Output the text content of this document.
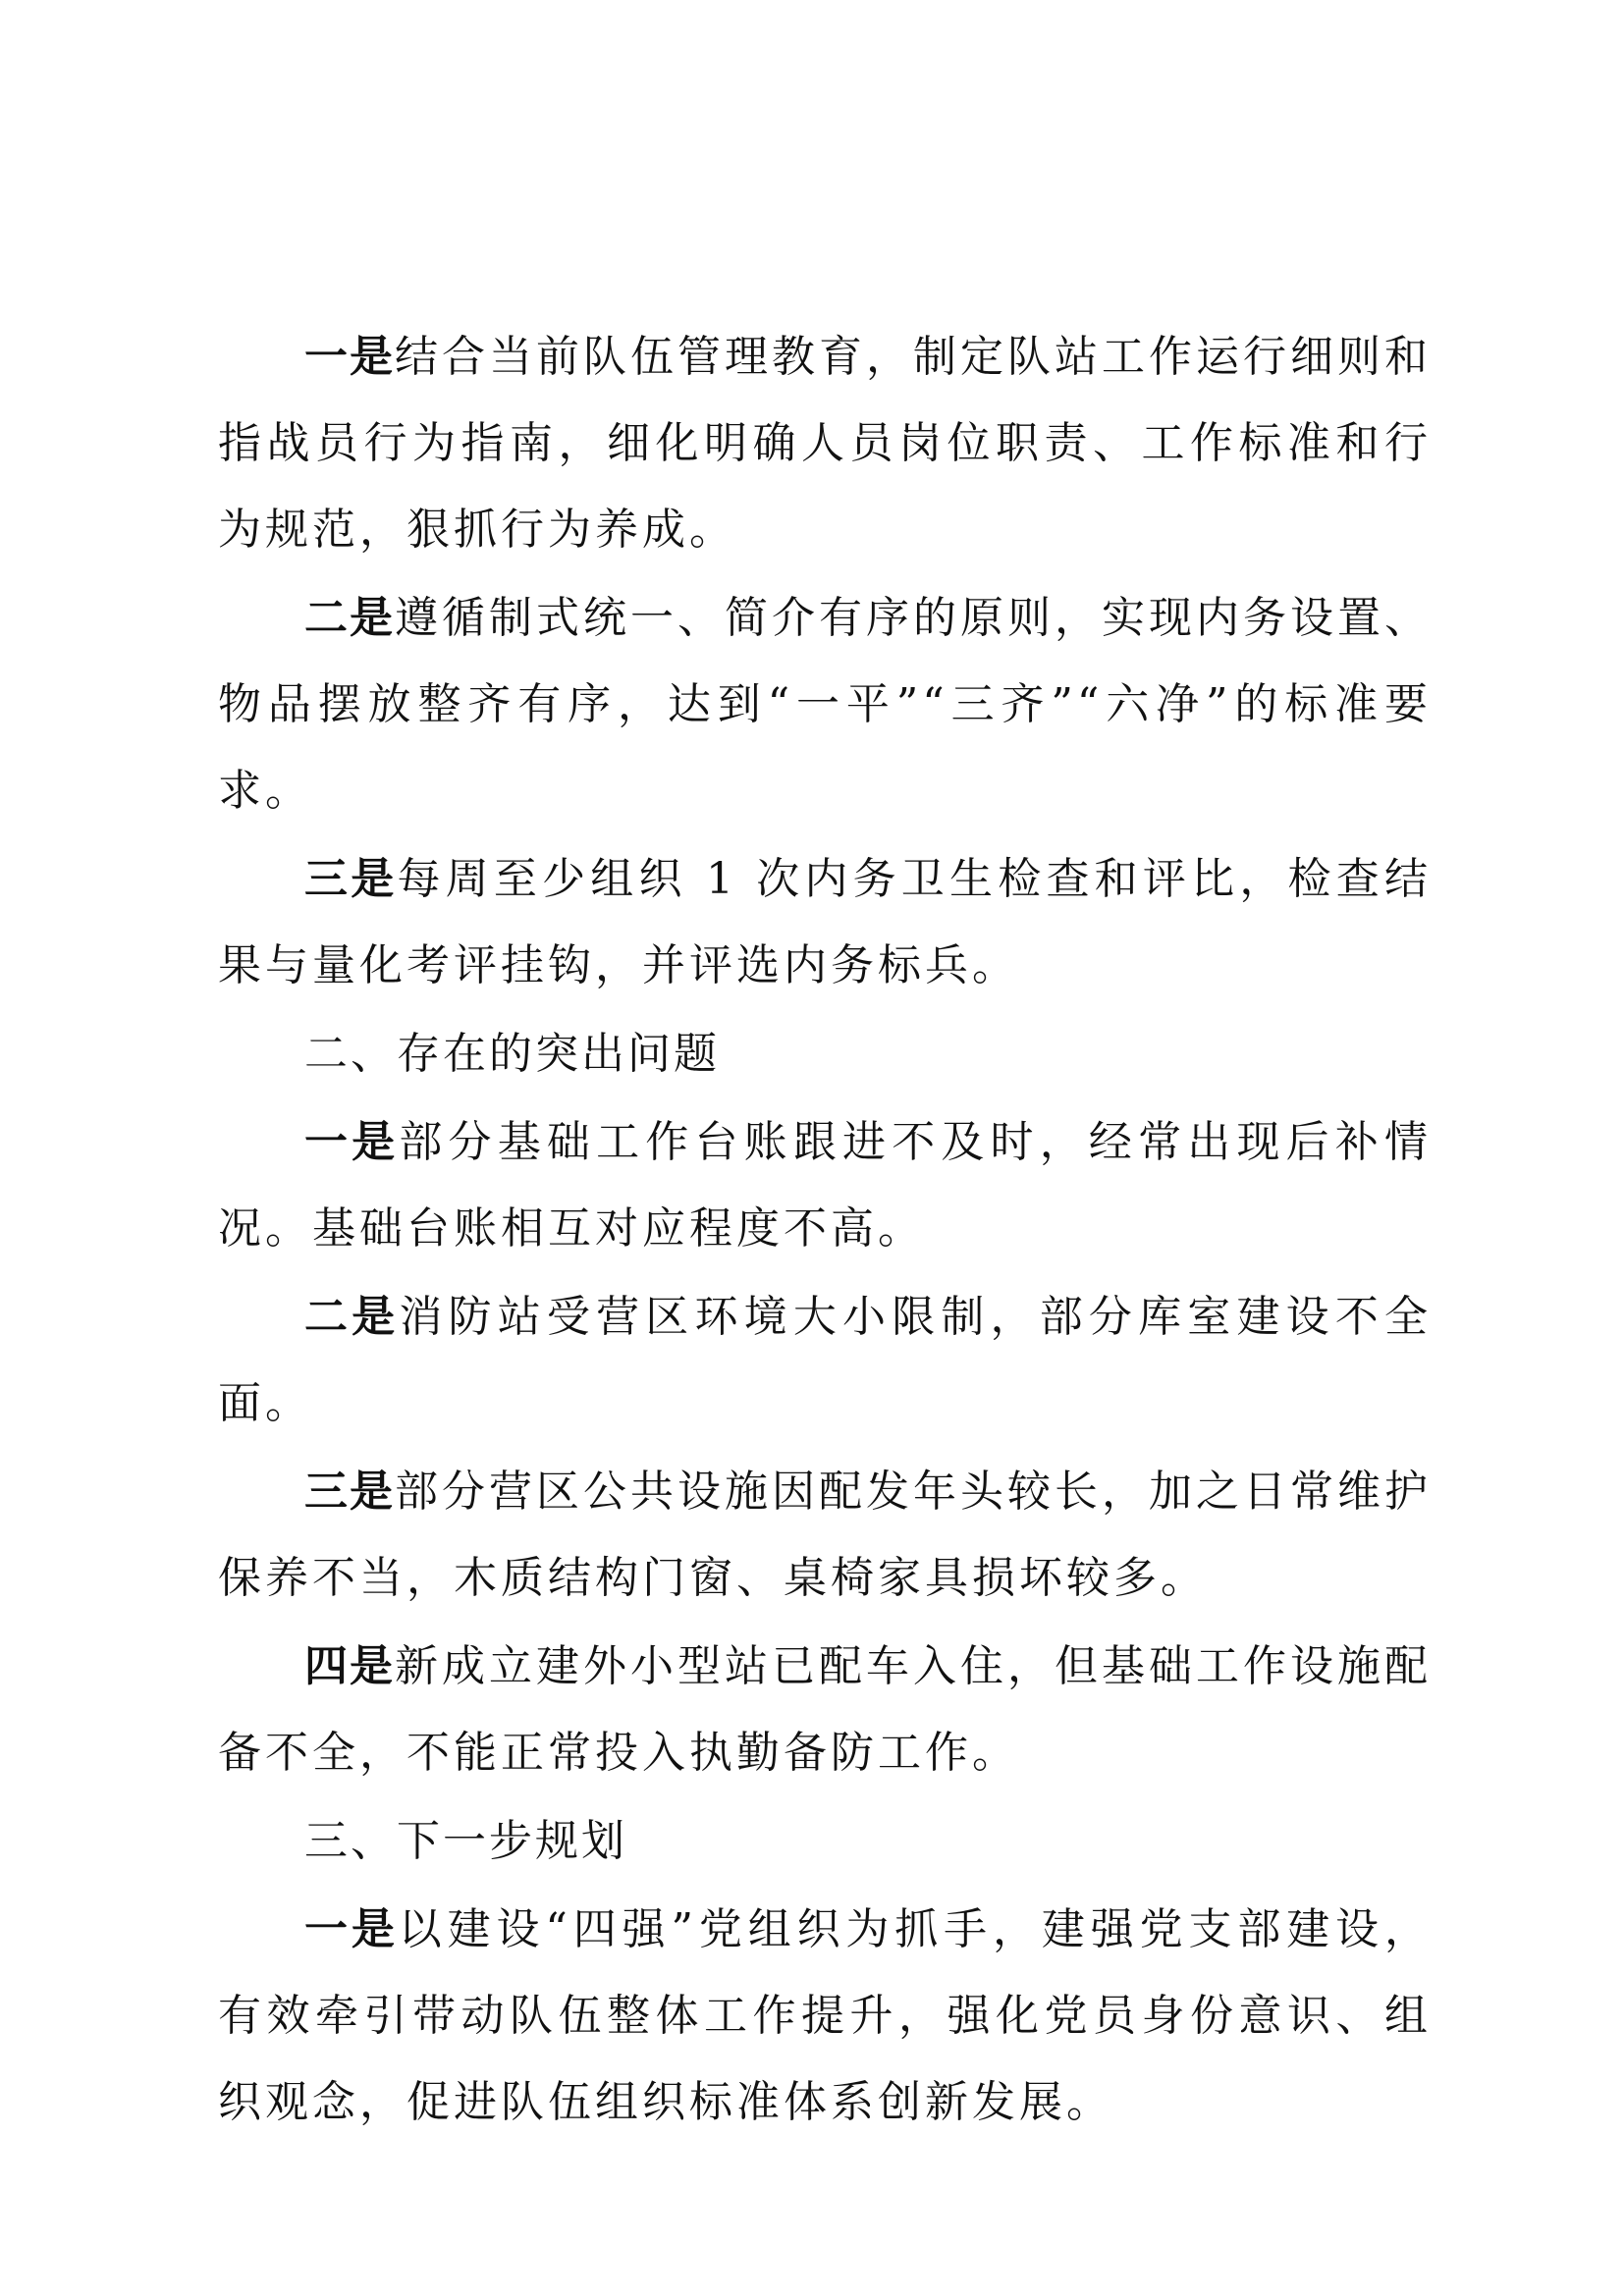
一是结合当前队伍管理教育，制定队站工作运行细则和指战员行为指南，细化明确人员岗位职责、工作标准和行为规范，狠抓行为养成。

二是遵循制式统一、简介有序的原则，实现内务设置、物品摆放整齐有序，达到“一平”“三齐”“六净”的标准要求。

三是每周至少组织 1 次内务卫生检查和评比，检查结果与量化考评挂钩，并评选内务标兵。

二、存在的突出问题

一是部分基础工作台账跟进不及时，经常出现后补情况。基础台账相互对应程度不高。

二是消防站受营区环境大小限制，部分库室建设不全面。

三是部分营区公共设施因配发年头较长，加之日常维护保养不当，木质结构门窗、桌椅家具损坏较多。

四是新成立建外小型站已配车入住，但基础工作设施配备不全，不能正常投入执勤备防工作。

三、下一步规划

一是以建设“四强”党组织为抓手，建强党支部建设，有效牵引带动队伍整体工作提升，强化党员身份意识、组织观念，促进队伍组织标准体系创新发展。
